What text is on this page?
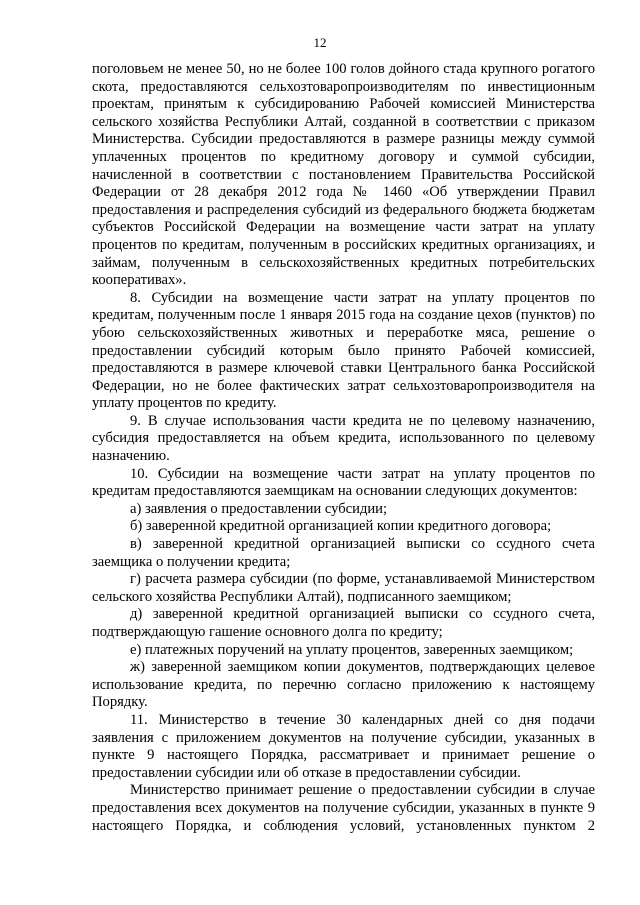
12

поголовьем не менее 50, но не более 100 голов дойного стада крупного рогатого скота, предоставляются сельхозтоваропроизводителям по инвестиционным проектам, принятым к субсидированию Рабочей комиссией Министерства сельского хозяйства Республики Алтай, созданной в соответствии с приказом Министерства. Субсидии предоставляются в размере разницы между суммой уплаченных процентов по кредитному договору и суммой субсидии, начисленной в соответствии с постановлением Правительства Российской Федерации от 28 декабря 2012 года № 1460 «Об утверждении Правил предоставления и распределения субсидий из федерального бюджета бюджетам субъектов Российской Федерации на возмещение части затрат на уплату процентов по кредитам, полученным в российских кредитных организациях, и займам, полученным в сельскохозяйственных кредитных потребительских кооперативах».

8. Субсидии на возмещение части затрат на уплату процентов по кредитам, полученным после 1 января 2015 года на создание цехов (пунктов) по убою сельскохозяйственных животных и переработке мяса, решение о предоставлении субсидий которым было принято Рабочей комиссией, предоставляются в размере ключевой ставки Центрального банка Российской Федерации, но не более фактических затрат сельхозтоваропроизводителя на уплату процентов по кредиту.

9. В случае использования части кредита не по целевому назначению, субсидия предоставляется на объем кредита, использованного по целевому назначению.

10. Субсидии на возмещение части затрат на уплату процентов по кредитам предоставляются заемщикам на основании следующих документов:

а) заявления о предоставлении субсидии;

б) заверенной кредитной организацией копии кредитного договора;

в) заверенной кредитной организацией выписки со ссудного счета заемщика о получении кредита;

г) расчета размера субсидии (по форме, устанавливаемой Министерством сельского хозяйства Республики Алтай), подписанного заемщиком;

д) заверенной кредитной организацией выписки со ссудного счета, подтверждающую гашение основного долга по кредиту;

е) платежных поручений на уплату процентов, заверенных заемщиком;

ж) заверенной заемщиком копии документов, подтверждающих целевое использование кредита, по перечню согласно приложению к настоящему Порядку.

11. Министерство в течение 30 календарных дней со дня подачи заявления с приложением документов на получение субсидии, указанных в пункте 9 настоящего Порядка, рассматривает и принимает решение о предоставлении субсидии или об отказе в предоставлении субсидии.

Министерство принимает решение о предоставлении субсидии в случае предоставления всех документов на получение субсидии, указанных в пункте 9 настоящего Порядка, и соблюдения условий, установленных пунктом 2
